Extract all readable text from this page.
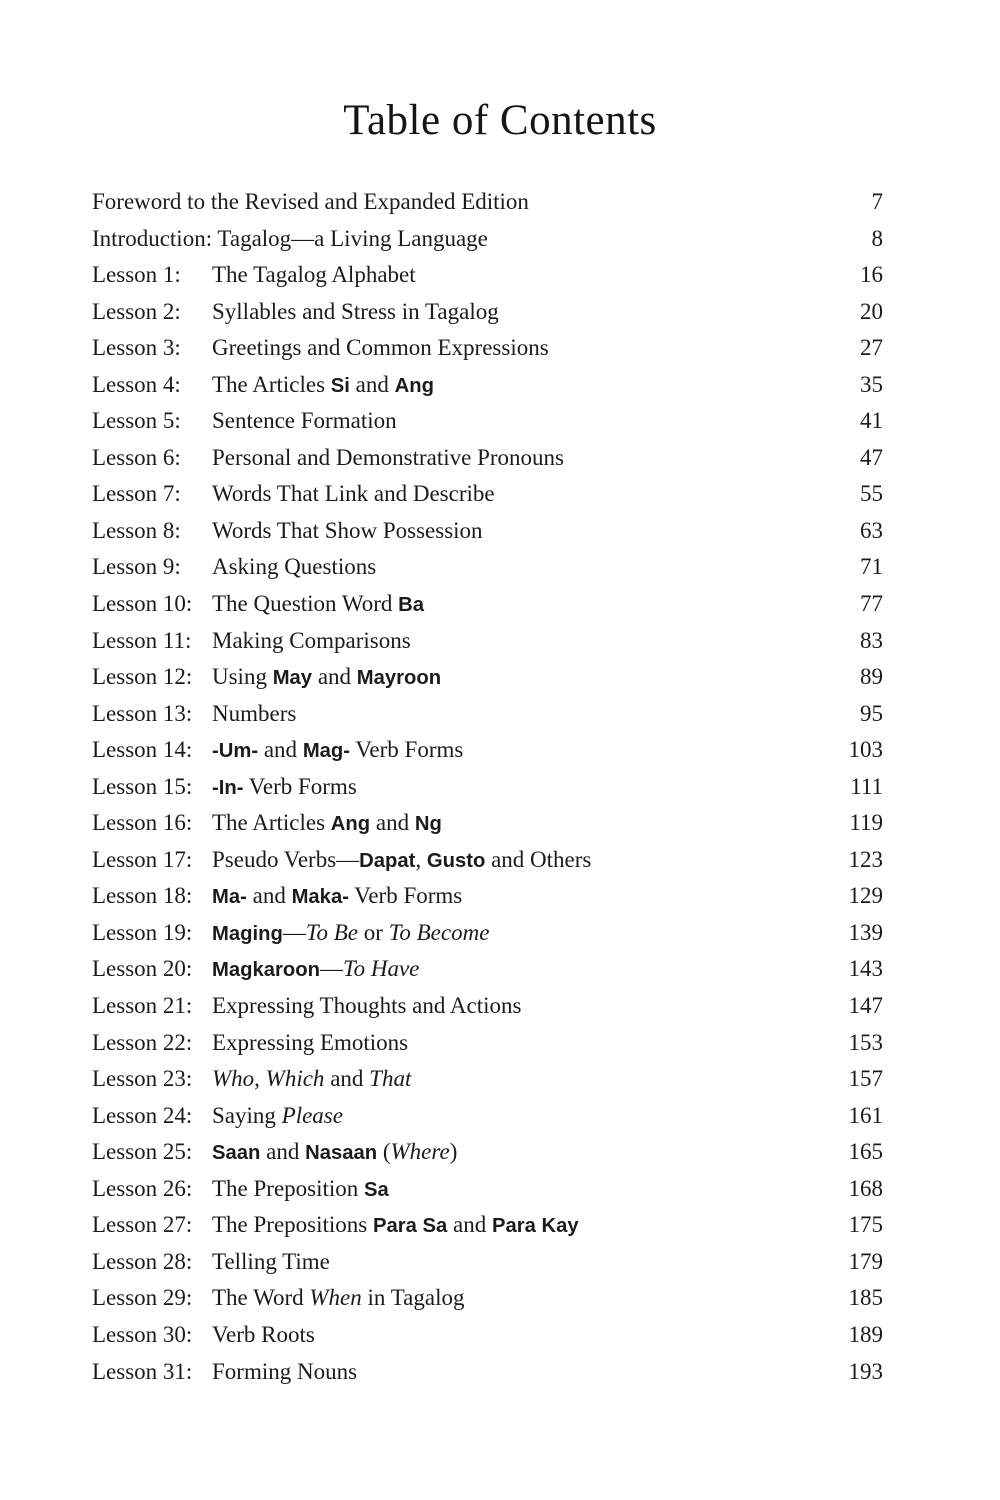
Table of Contents
Foreword to the Revised and Expanded Edition	7
Introduction: Tagalog—a Living Language	8
Lesson 1:	The Tagalog Alphabet	16
Lesson 2:	Syllables and Stress in Tagalog	20
Lesson 3:	Greetings and Common Expressions	27
Lesson 4:	The Articles Si and Ang	35
Lesson 5:	Sentence Formation	41
Lesson 6:	Personal and Demonstrative Pronouns	47
Lesson 7:	Words That Link and Describe	55
Lesson 8:	Words That Show Possession	63
Lesson 9:	Asking Questions	71
Lesson 10: The Question Word Ba	77
Lesson 11: Making Comparisons	83
Lesson 12: Using May and Mayroon	89
Lesson 13: Numbers	95
Lesson 14: -Um- and Mag- Verb Forms	103
Lesson 15: -In- Verb Forms	111
Lesson 16: The Articles Ang and Ng	119
Lesson 17: Pseudo Verbs—Dapat, Gusto and Others	123
Lesson 18: Ma- and Maka- Verb Forms	129
Lesson 19: Maging—To Be or To Become	139
Lesson 20: Magkaroon—To Have	143
Lesson 21: Expressing Thoughts and Actions	147
Lesson 22: Expressing Emotions	153
Lesson 23: Who, Which and That	157
Lesson 24: Saying Please	161
Lesson 25: Saan and Nasaan (Where)	165
Lesson 26: The Preposition Sa	168
Lesson 27: The Prepositions Para Sa and Para Kay	175
Lesson 28: Telling Time	179
Lesson 29: The Word When in Tagalog	185
Lesson 30: Verb Roots	189
Lesson 31: Forming Nouns	193
